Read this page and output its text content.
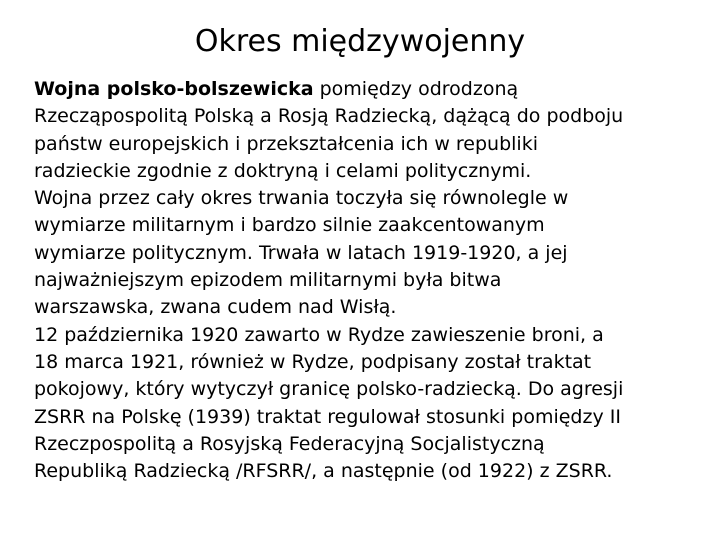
Okres międzywojenny

Wojna polsko-bolszewicka pomiędzy odrodzoną
Rzecząpospolitą Polską a Rosją Radziecką, dążącą do podboju
państw europejskich i przekształcenia ich w republiki
radzieckie zgodnie z doktryną i celami politycznymi.

Wojna przez cały okres trwania toczyła się równolegle w
wymiarze militarnym i bardzo silnie zaakcentowanym
wymiarze politycznym. Trwała w latach 1919-1920, a jej
najważniejszym epizodem militarnymi była bitwa
warszawska, zwana cudem nad Wisłą.

12 października 1920 zawarto w Rydze zawieszenie broni, a
18 marca 1921, również w Rydze, podpisany został traktat
pokojowy, który wytyczył granicę polsko-radziecką. Do agresji
ZSRR na Polskę (1939) traktat regulował stosunki pomiędzy II
Rzeczpospolitą a Rosyjską Federacyjną Socjalistyczną
Republiką Radziecką /RFSRR/, a następnie (od 1922) z ZSRR.
